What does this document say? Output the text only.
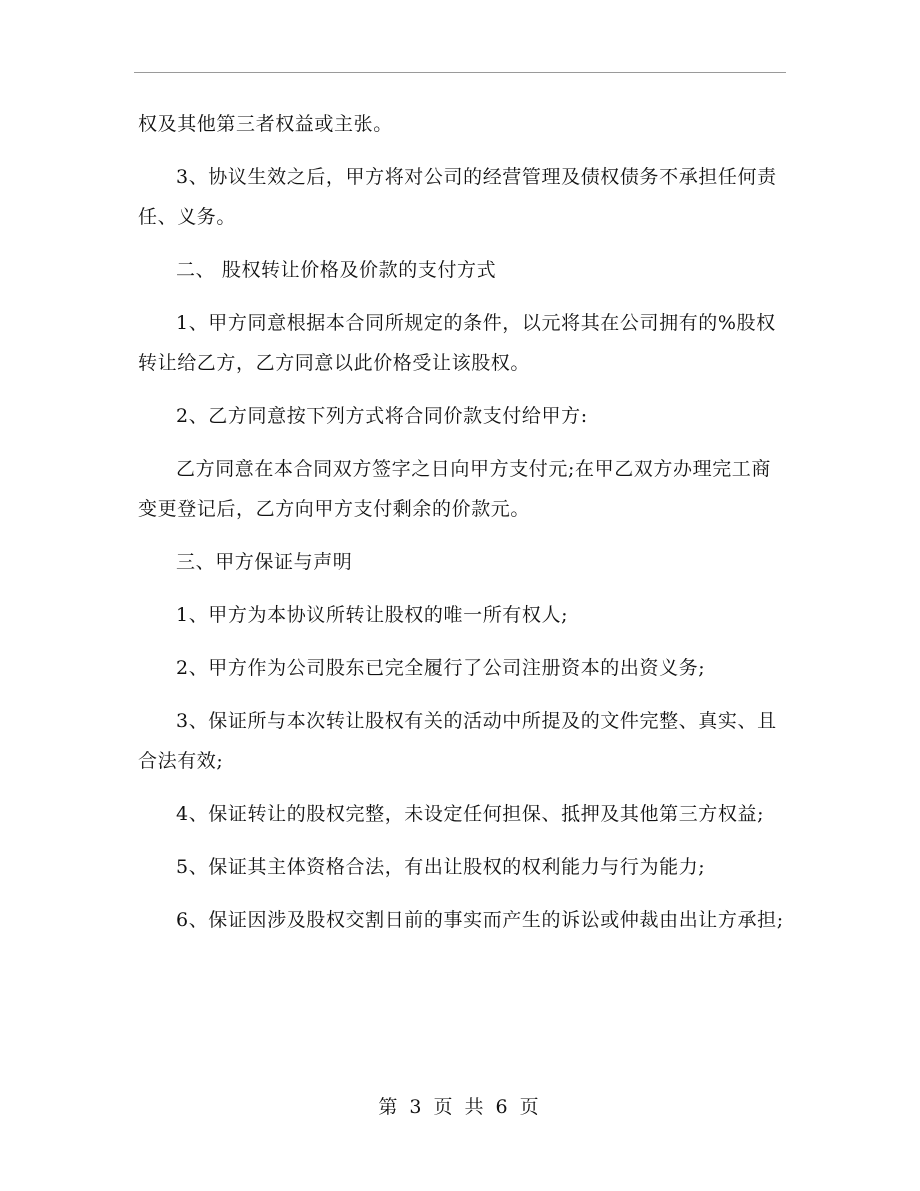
权及其他第三者权益或主张。

3、协议生效之后，甲方将对公司的经营管理及债权债务不承担任何责任、义务。

二、 股权转让价格及价款的支付方式

1、甲方同意根据本合同所规定的条件，以元将其在公司拥有的%股权转让给乙方，乙方同意以此价格受让该股权。

2、乙方同意按下列方式将合同价款支付给甲方:

乙方同意在本合同双方签字之日向甲方支付元;在甲乙双方办理完工商变更登记后，乙方向甲方支付剩余的价款元。

三、甲方保证与声明

1、甲方为本协议所转让股权的唯一所有权人;

2、甲方作为公司股东已完全履行了公司注册资本的出资义务;

3、保证所与本次转让股权有关的活动中所提及的文件完整、真实、且合法有效;

4、保证转让的股权完整，未设定任何担保、抵押及其他第三方权益;

5、保证其主体资格合法，有出让股权的权利能力与行为能力;

6、保证因涉及股权交割日前的事实而产生的诉讼或仲裁由出让方承担;

第 3 页 共 6 页
